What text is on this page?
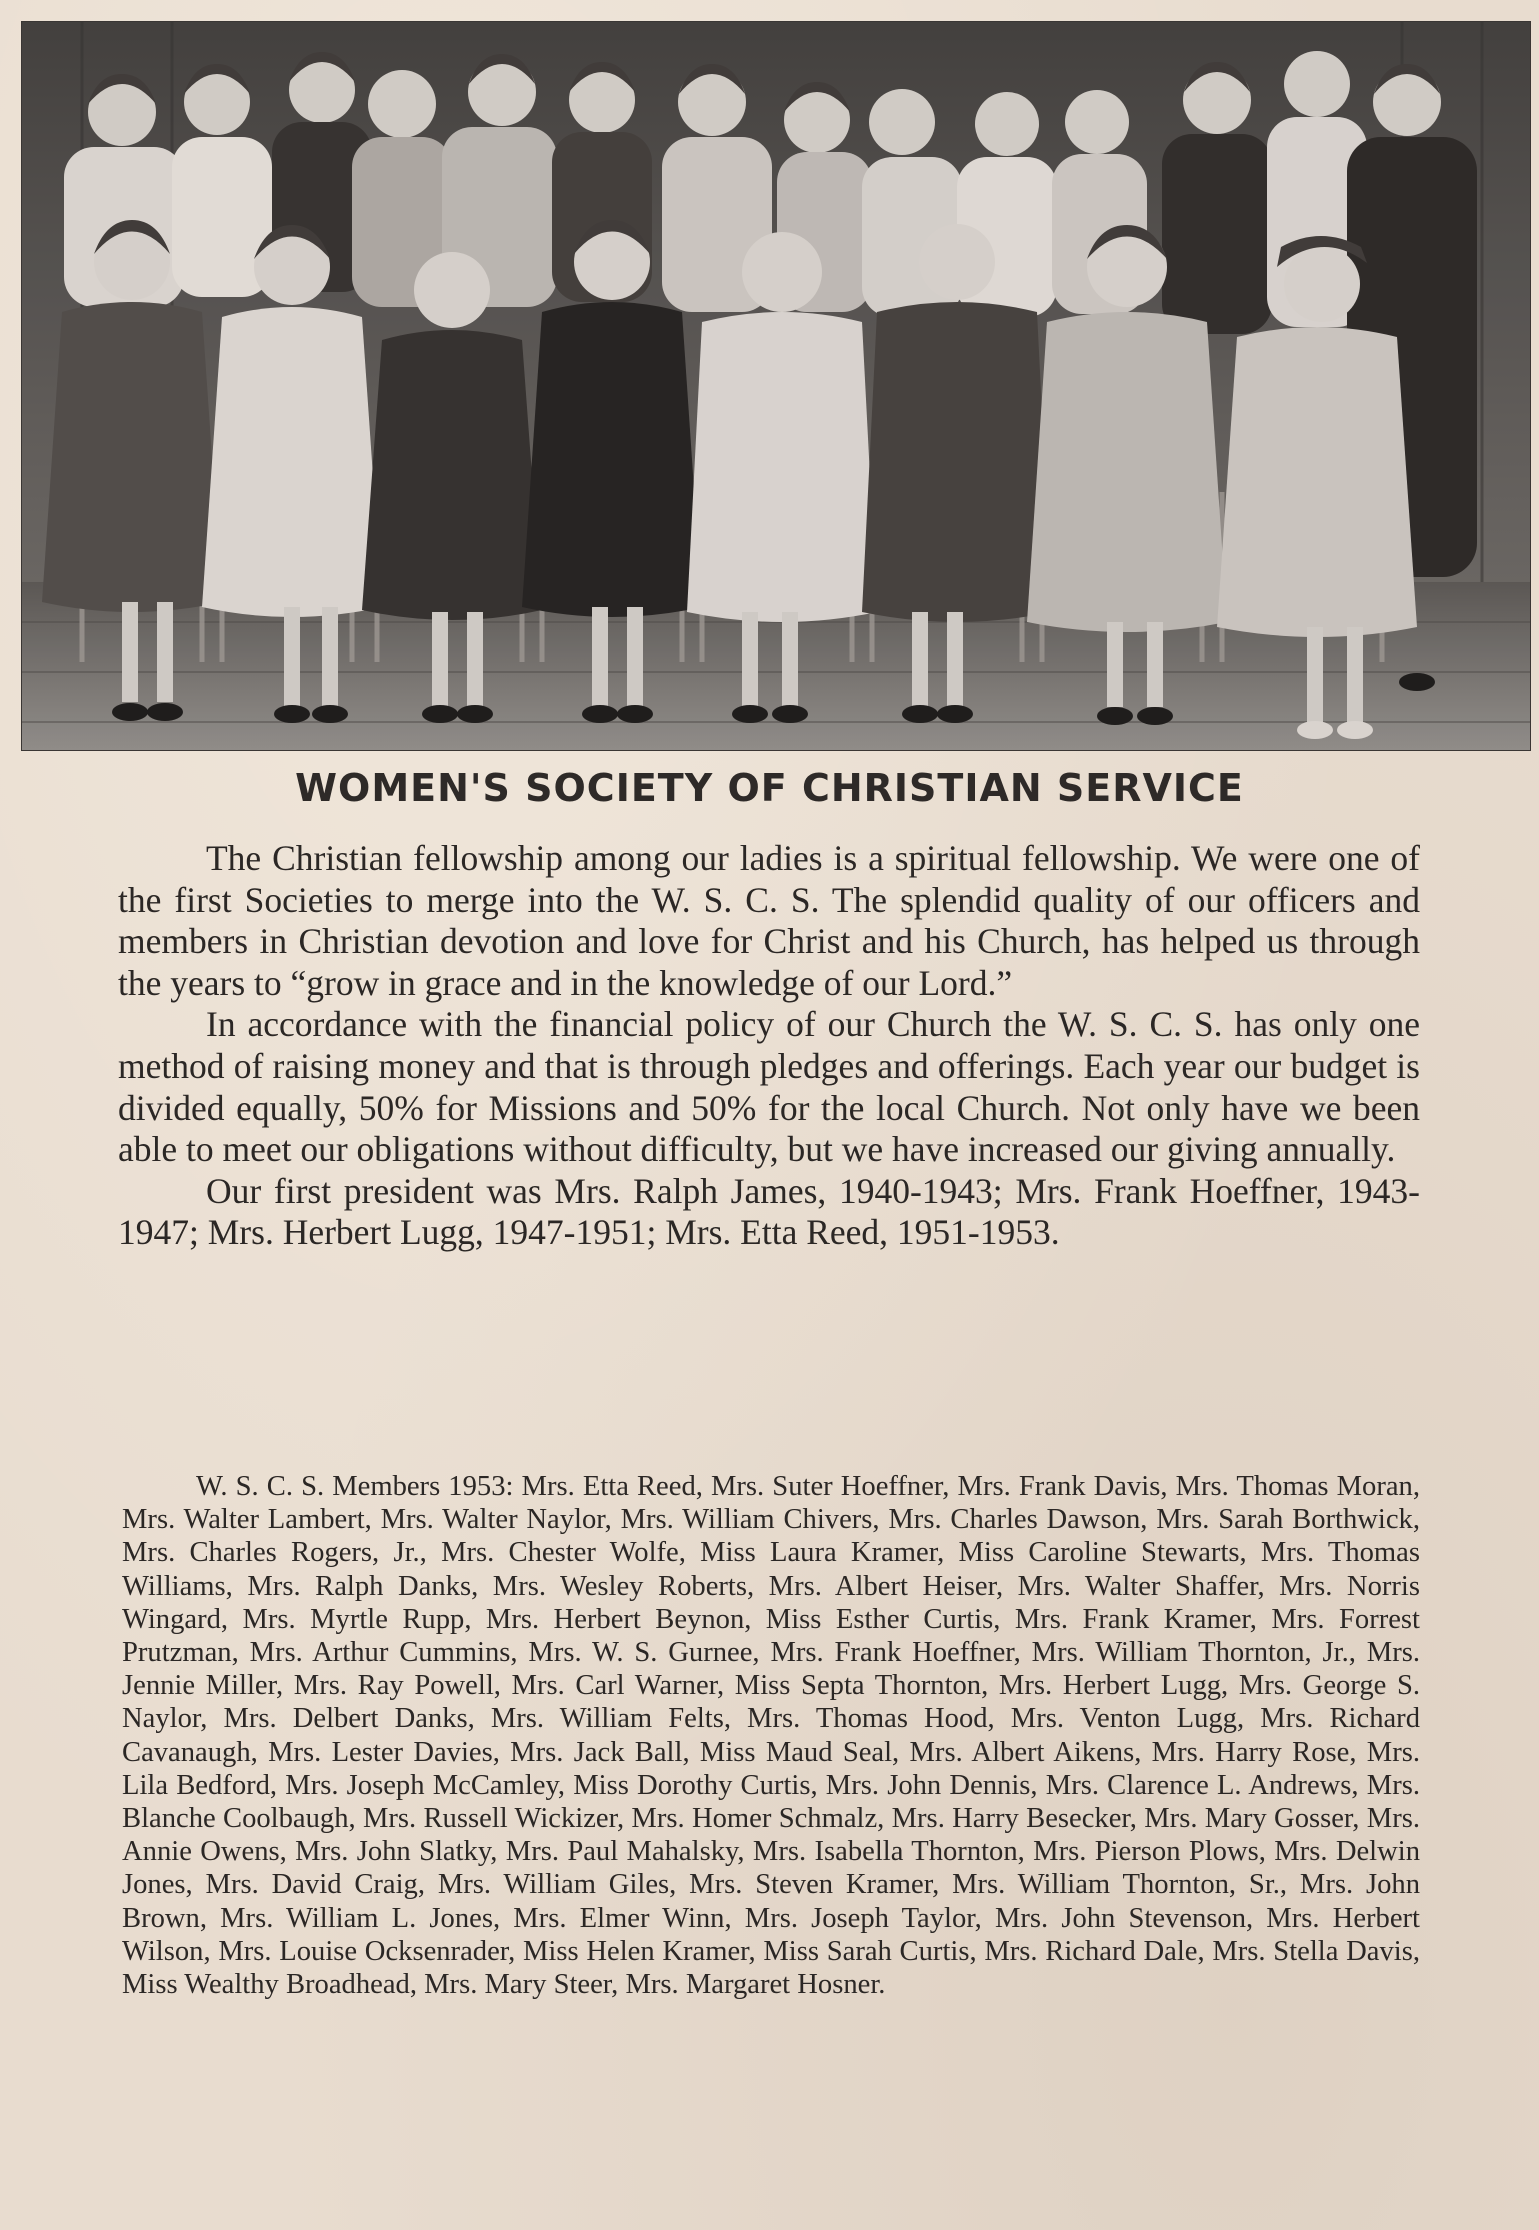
WOMEN'S SOCIETY OF CHRISTIAN SERVICE

The Christian fellowship among our ladies is a spiritual fellowship. We were one of the first Societies to merge into the W. S. C. S. The splendid quality of our officers and members in Christian devotion and love for Christ and his Church, has helped us through the years to “grow in grace and in the knowledge of our Lord.”

In accordance with the financial policy of our Church the W. S. C. S. has only one method of raising money and that is through pledges and offerings. Each year our budget is divided equally, 50% for Missions and 50% for the local Church. Not only have we been able to meet our obligations without difficulty, but we have increased our giving annually.

Our first president was Mrs. Ralph James, 1940-1943; Mrs. Frank Hoeffner, 1943-1947; Mrs. Herbert Lugg, 1947-1951; Mrs. Etta Reed, 1951-1953.

W. S. C. S. Members 1953: Mrs. Etta Reed, Mrs. Suter Hoeffner, Mrs. Frank Davis, Mrs. Thomas Moran, Mrs. Walter Lambert, Mrs. Walter Naylor, Mrs. William Chivers, Mrs. Charles Dawson, Mrs. Sarah Borthwick, Mrs. Charles Rogers, Jr., Mrs. Chester Wolfe, Miss Laura Kramer, Miss Caroline Stewarts, Mrs. Thomas Williams, Mrs. Ralph Danks, Mrs. Wesley Roberts, Mrs. Albert Heiser, Mrs. Walter Shaffer, Mrs. Norris Wingard, Mrs. Myrtle Rupp, Mrs. Herbert Beynon, Miss Esther Curtis, Mrs. Frank Kramer, Mrs. Forrest Prutzman, Mrs. Arthur Cummins, Mrs. W. S. Gurnee, Mrs. Frank Hoeffner, Mrs. William Thornton, Jr., Mrs. Jennie Miller, Mrs. Ray Powell, Mrs. Carl Warner, Miss Septa Thornton, Mrs. Herbert Lugg, Mrs. George S. Naylor, Mrs. Delbert Danks, Mrs. William Felts, Mrs. Thomas Hood, Mrs. Venton Lugg, Mrs. Richard Cavanaugh, Mrs. Lester Davies, Mrs. Jack Ball, Miss Maud Seal, Mrs. Albert Aikens, Mrs. Harry Rose, Mrs. Lila Bedford, Mrs. Joseph McCamley, Miss Dorothy Curtis, Mrs. John Dennis, Mrs. Clarence L. Andrews, Mrs. Blanche Coolbaugh, Mrs. Russell Wickizer, Mrs. Homer Schmalz, Mrs. Harry Besecker, Mrs. Mary Gosser, Mrs. Annie Owens, Mrs. John Slatky, Mrs. Paul Mahalsky, Mrs. Isabella Thornton, Mrs. Pierson Plows, Mrs. Delwin Jones, Mrs. David Craig, Mrs. William Giles, Mrs. Steven Kramer, Mrs. William Thornton, Sr., Mrs. John Brown, Mrs. William L. Jones, Mrs. Elmer Winn, Mrs. Joseph Taylor, Mrs. John Stevenson, Mrs. Herbert Wilson, Mrs. Louise Ocksenrader, Miss Helen Kramer, Miss Sarah Curtis, Mrs. Richard Dale, Mrs. Stella Davis, Miss Wealthy Broadhead, Mrs. Mary Steer, Mrs. Margaret Hosner.
